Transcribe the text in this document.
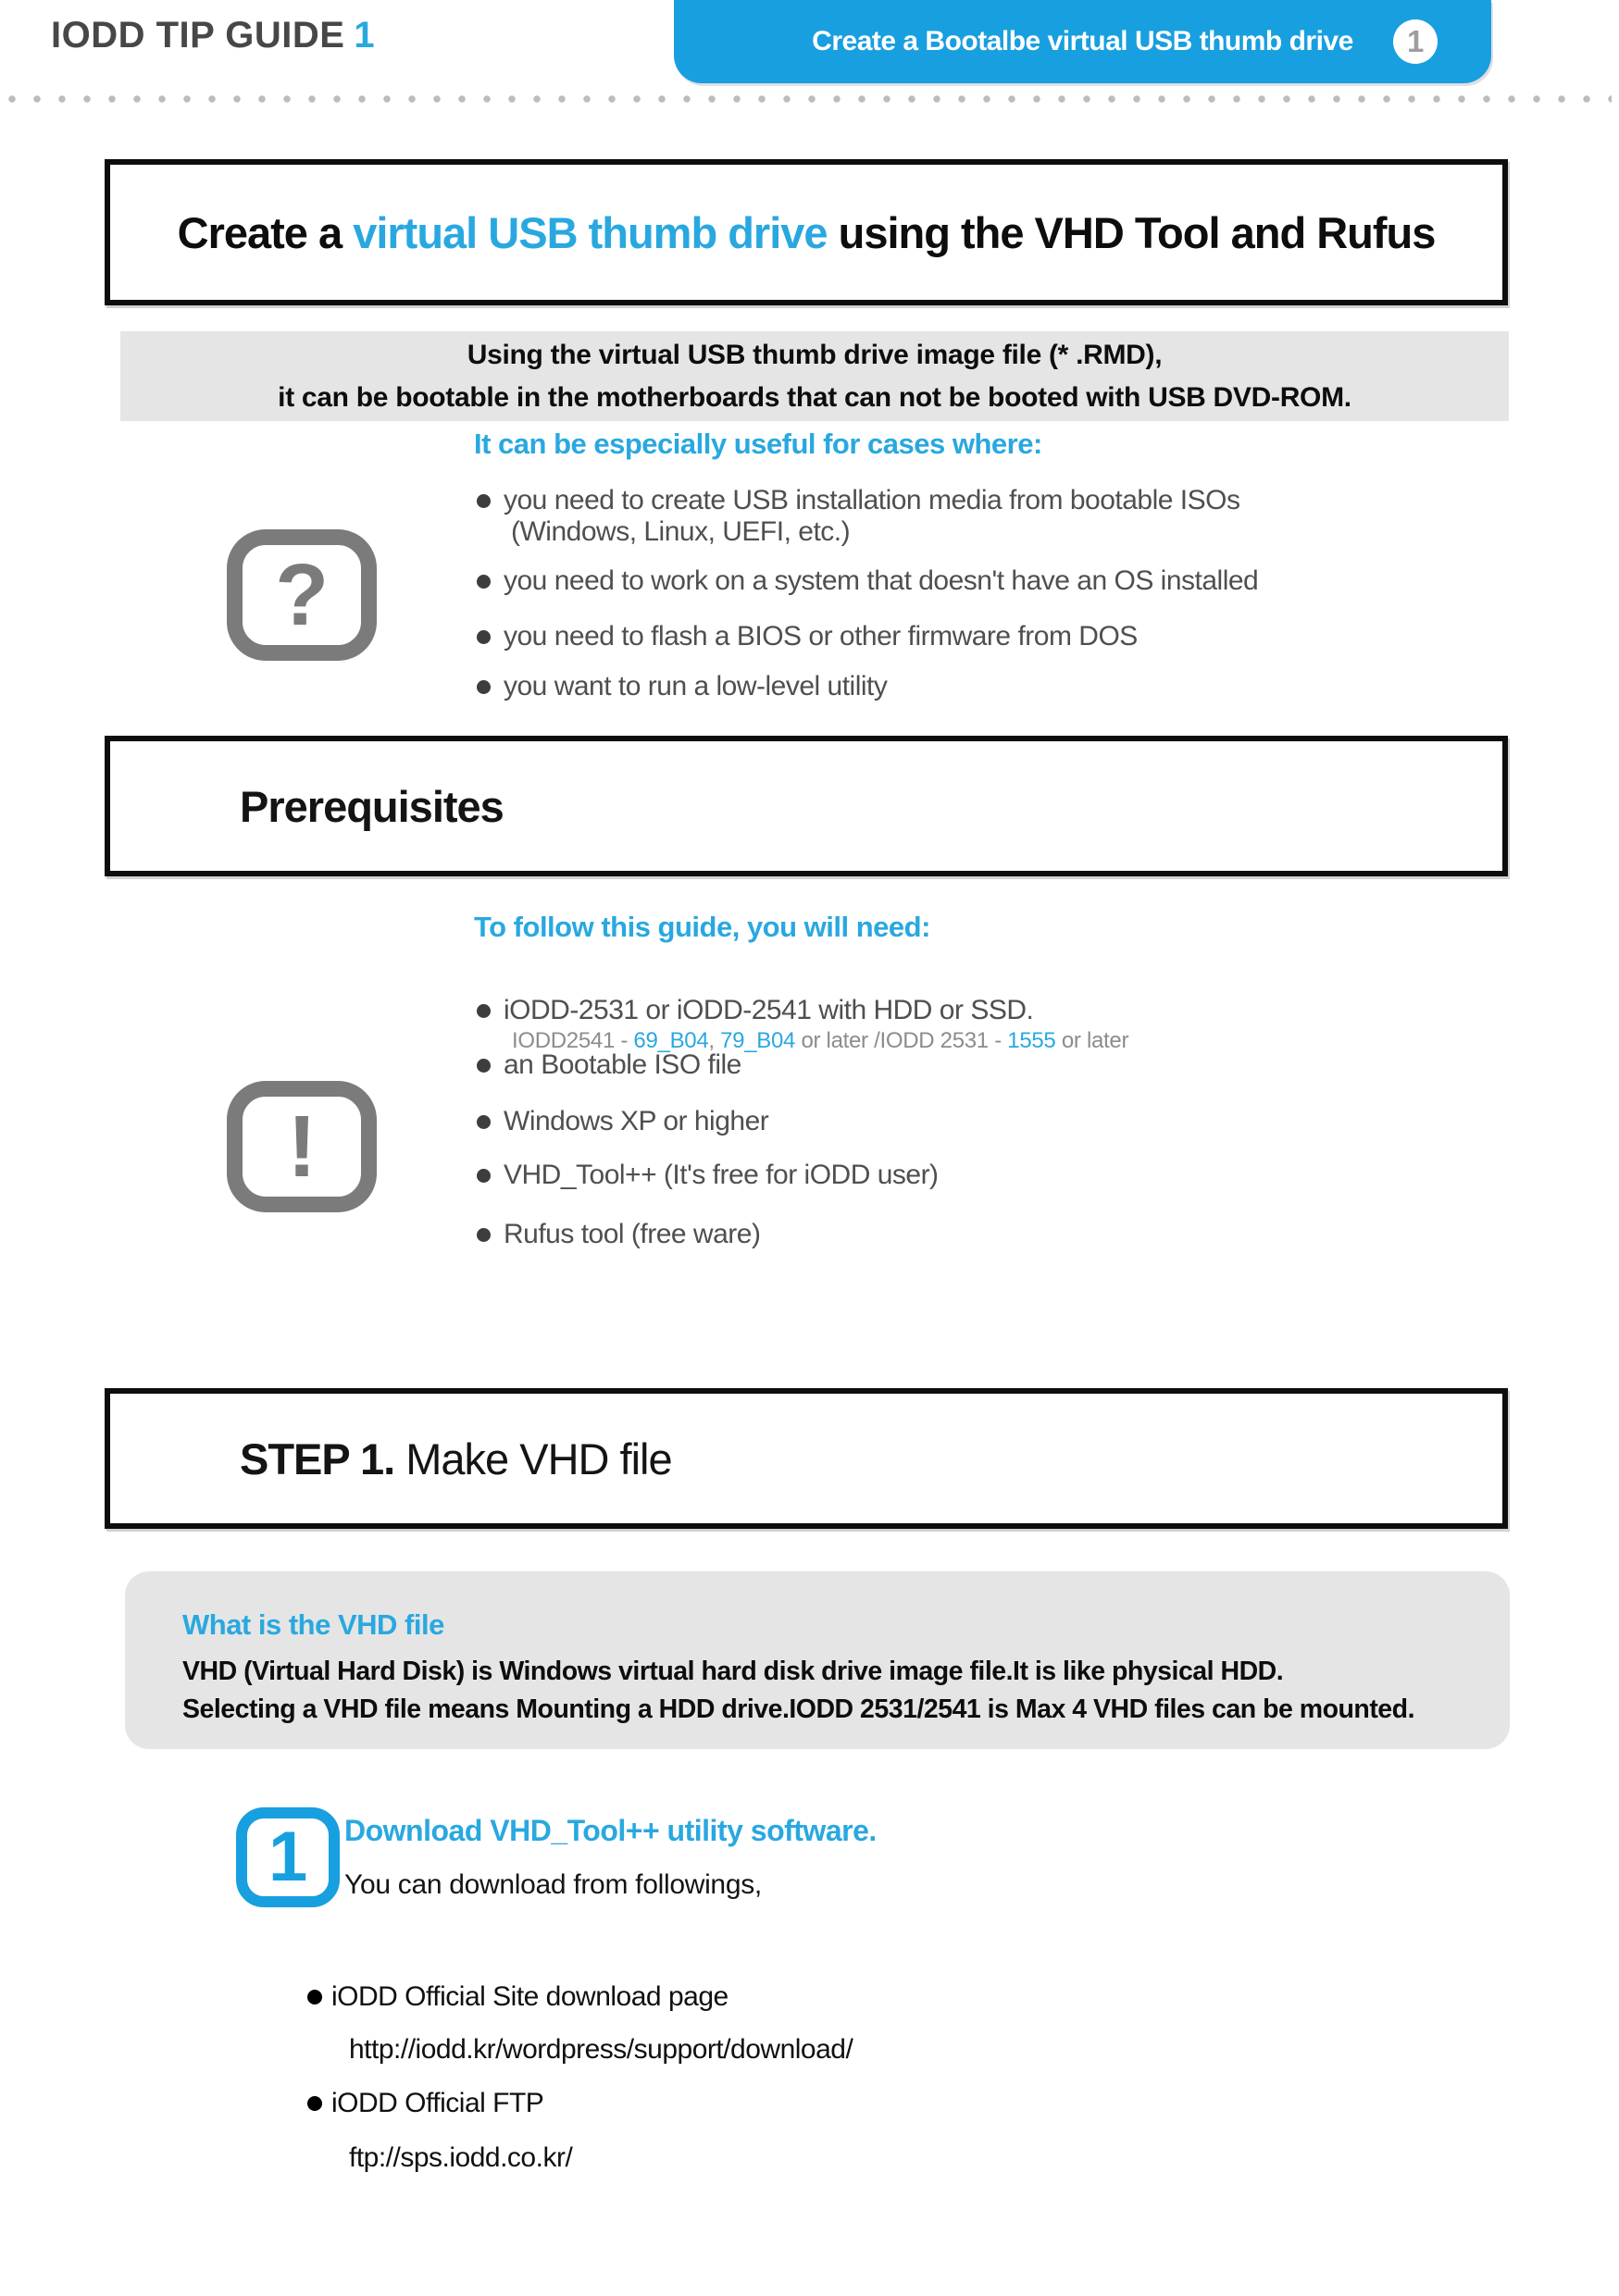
IODD TIP GUIDE 1	Create a Bootalbe virtual USB thumb drive	1
Create a virtual USB thumb drive using the VHD Tool and Rufus
Using the virtual USB thumb drive image file (* .RMD),
it can be bootable in the motherboards that can not be booted with USB DVD-ROM.
It can be especially useful for cases where:
?
you need to create USB installation media from bootable ISOs
(Windows, Linux, UEFI, etc.)
you need to work on a system that doesn't have an OS installed
you need to flash a BIOS or other firmware from DOS
you want to run a low-level utility
Prerequisites
To follow this guide, you will need:
!
iODD-2531 or iODD-2541 with HDD or SSD.
IODD2541 - 69_B04, 79_B04 or later /IODD 2531 - 1555 or later
an Bootable ISO file
Windows XP or higher
VHD_Tool++ (It's free for iODD user)
Rufus tool (free ware)
STEP 1. Make VHD file
What is the VHD file
VHD (Virtual Hard Disk) is Windows virtual hard disk drive image file.It is like physical HDD.
Selecting a VHD file means Mounting a HDD drive.IODD 2531/2541 is Max 4 VHD files can be mounted.
1	Download VHD_Tool++ utility software.
You can download from followings,
iODD Official Site download page
http://iodd.kr/wordpress/support/download/
iODD Official FTP
ftp://sps.iodd.co.kr/
